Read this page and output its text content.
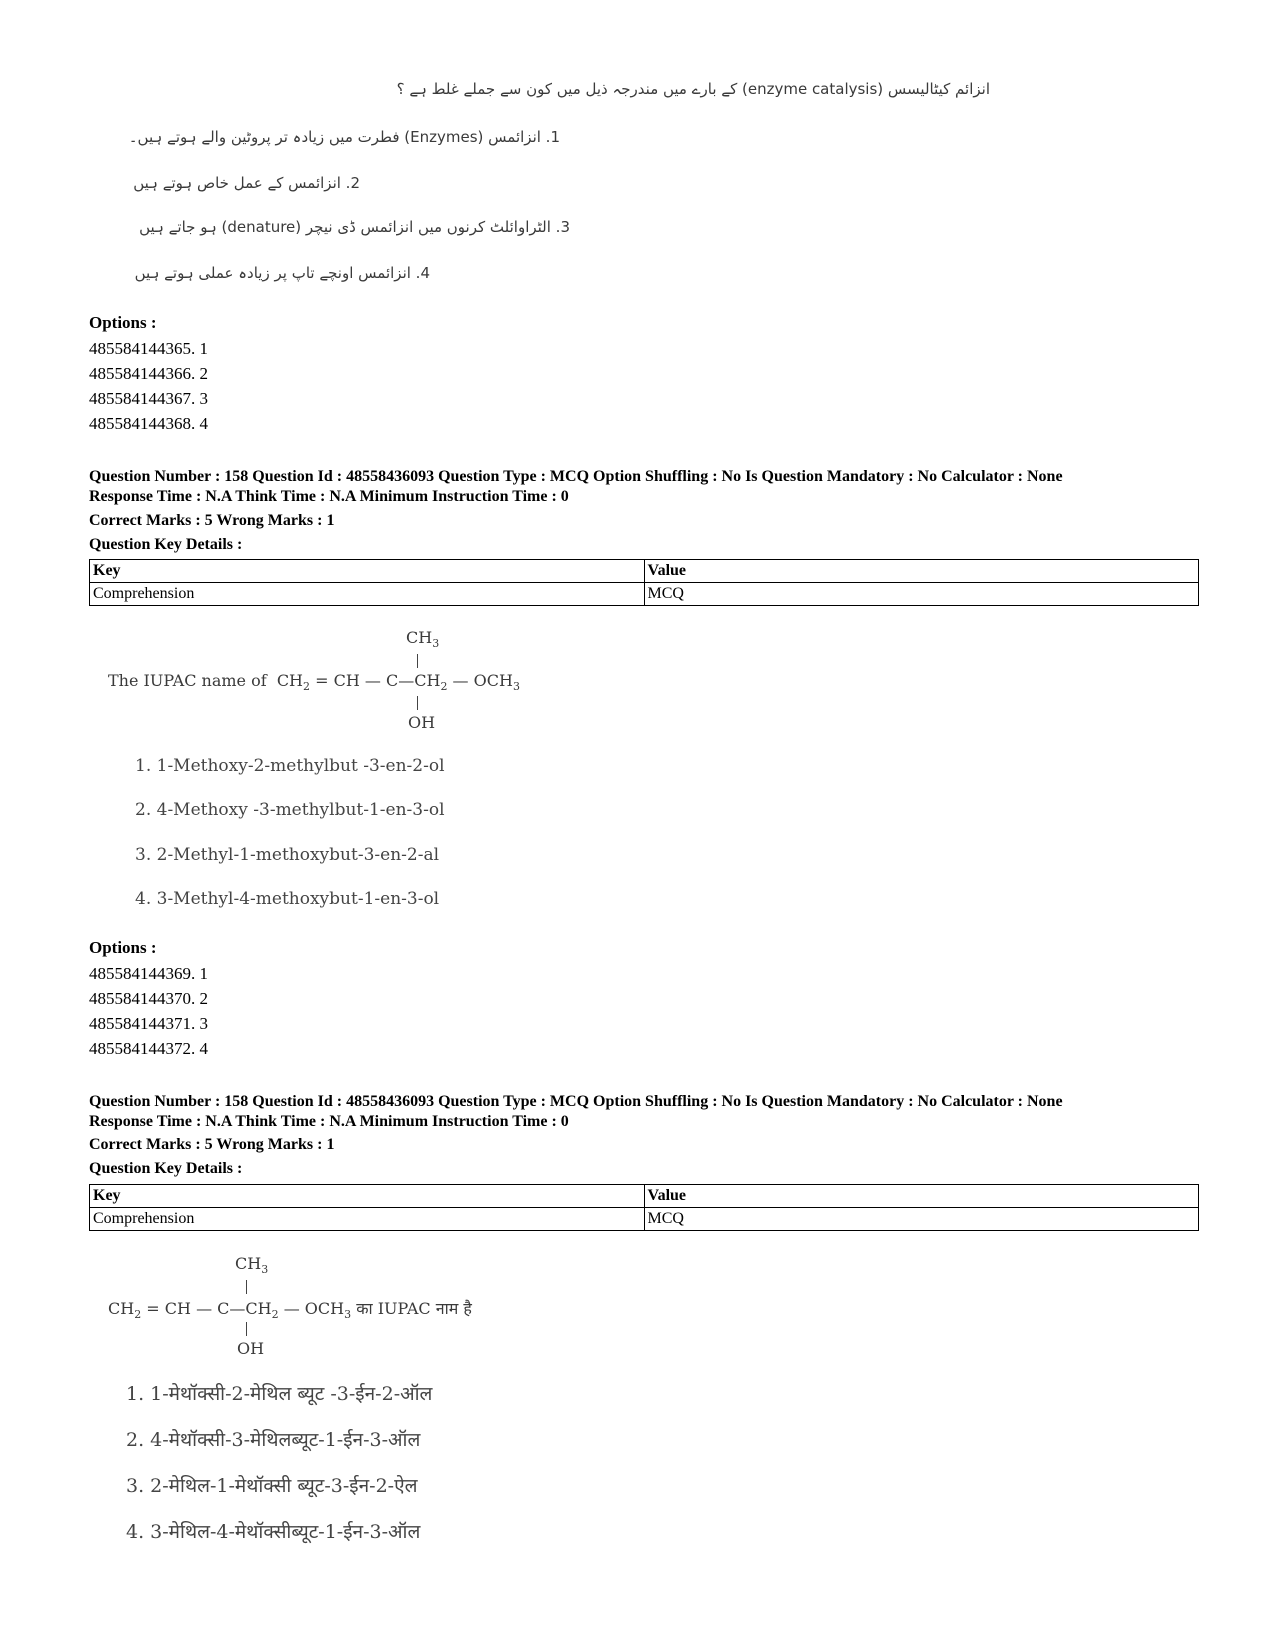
انزائم کیٹالیسس (enzyme catalysis) کے بارے میں مندرجہ ذیل میں کون سے جملے غلط ہے ؟
1. انزائمس (Enzymes) فطرت میں زیادہ تر پروٹین والے ہوتے ہیں۔
2. انزائمس کے عمل خاص ہوتے ہیں
3. الٹراوائلٹ کرنوں میں انزائمس ڈی نیچر (denature) ہو جاتے ہیں
4. انزائمس اونچے تاپ پر زیادہ عملی ہوتے ہیں
Options :
485584144365. 1
485584144366. 2
485584144367. 3
485584144368. 4
Question Number : 158 Question Id : 48558436093 Question Type : MCQ Option Shuffling : No Is Question Mandatory : No Calculator : None
Response Time : N.A Think Time : N.A Minimum Instruction Time : 0
Correct Marks : 5 Wrong Marks : 1
Question Key Details :
Key	Value
Comprehension	MCQ
$CH_3$
The IUPAC name of $CH_2$ = CH — $C—CH_2$ — $OCH_3$
OH
1. 1-Methoxy-2-methylbut -3-en-2-ol
2. 4-Methoxy -3-methylbut-1-en-3-ol
3. 2-Methyl-1-methoxybut-3-en-2-al
4. 3-Methyl-4-methoxybut-1-en-3-ol
Options :
485584144369. 1
485584144370. 2
485584144371. 3
485584144372. 4
Question Number : 158 Question Id : 48558436093 Question Type : MCQ Option Shuffling : No Is Question Mandatory : No Calculator : None
Response Time : N.A Think Time : N.A Minimum Instruction Time : 0
Correct Marks : 5 Wrong Marks : 1
Question Key Details :
Key	Value
Comprehension	MCQ
$CH_3$
$CH_2$ = CH — $C—CH_2$ — $OCH_3$ का IUPAC नाम है
OH
1. 1-मेथॉक्सी-2-मेथिल ब्यूट -3-ईन-2-ऑल
2. 4-मेथॉक्सी-3-मेथिलब्यूट-1-ईन-3-ऑल
3. 2-मेथिल-1-मेथॉक्सी ब्यूट-3-ईन-2-ऐल
4. 3-मेथिल-4-मेथॉक्सीब्यूट-1-ईन-3-ऑल
